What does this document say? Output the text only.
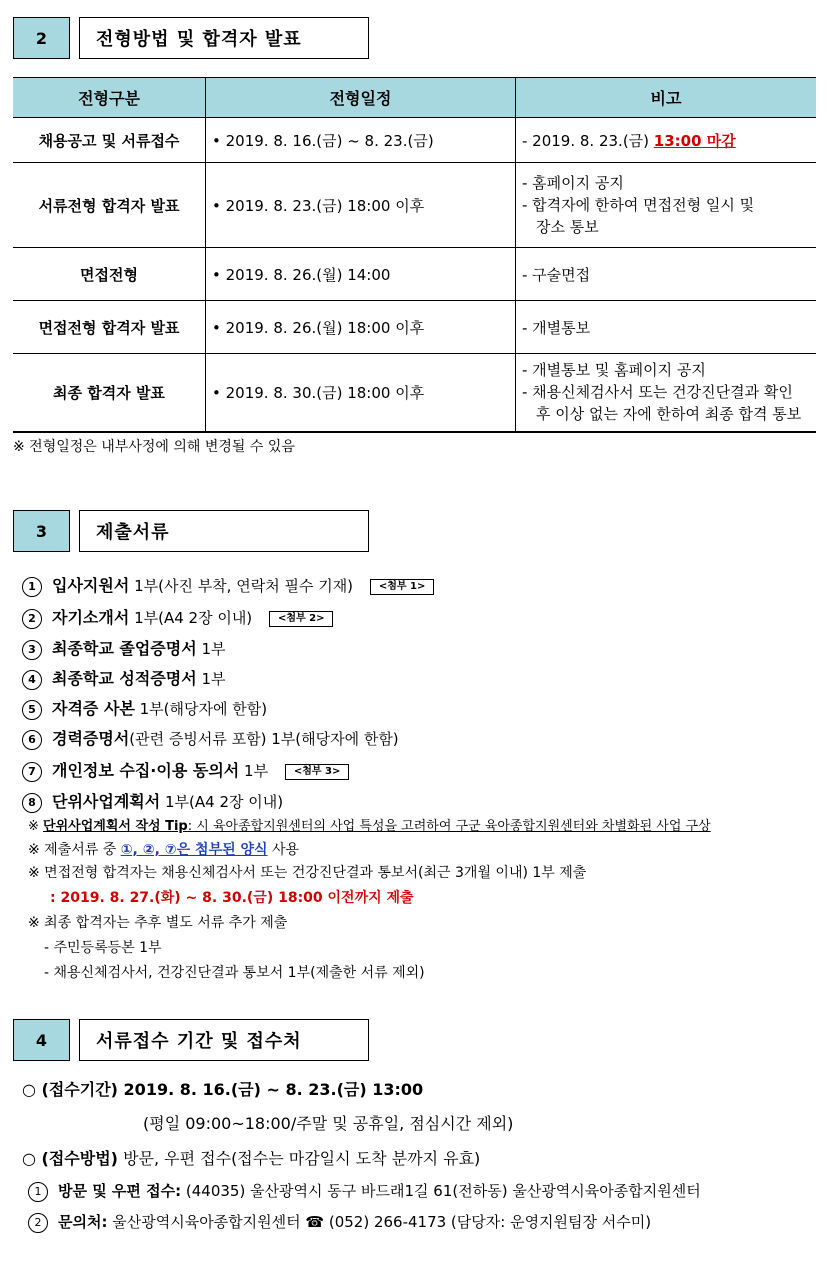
2	전형방법 및 합격자 발표
전형구분	전형일정	비고
채용공고 및 서류접수	• 2019. 8. 16.(금) ~ 8. 23.(금)	- 2019. 8. 23.(금) 13:00 마감
서류전형 합격자 발표	• 2019. 8. 23.(금) 18:00 이후	- 홈페이지 공지
- 합격자에 한하여 면접전형 일시 및
장소 통보

면접전형	• 2019. 8. 26.(월) 14:00	- 구술면접
면접전형 합격자 발표	• 2019. 8. 26.(월) 18:00 이후	- 개별통보
최종 합격자 발표	• 2019. 8. 30.(금) 18:00 이후	- 개별통보 및 홈페이지 공지
- 채용신체검사서 또는 건강진단결과 확인
후 이상 없는 자에 한하여 최종 합격 통보
※ 전형일정은 내부사정에 의해 변경될 수 있음
3	제출서류
1 입사지원서 1부(사진 부착, 연락처 필수 기재)	<첨부 1>
2 자기소개서 1부(A4 2장 이내)	<첨부 2>
3 최종학교 졸업증명서 1부
4 최종학교 성적증명서 1부
5 자격증 사본 1부(해당자에 한함)
6 경력증명서(관련 증빙서류 포함) 1부(해당자에 한함)
7 개인정보 수집·이용 동의서 1부	<첨부 3>
8 단위사업계획서 1부(A4 2장 이내)
※ 단위사업계획서 작성 Tip: 시 육아종합지원센터의 사업 특성을 고려하여 구군 육아종합지원센터와 차별화된 사업 구상
※ 제출서류 중 ①, ②, ⑦은 첨부된 양식 사용
※ 면접전형 합격자는 채용신체검사서 또는 건강진단결과 통보서(최근 3개월 이내) 1부 제출
: 2019. 8. 27.(화) ~ 8. 30.(금) 18:00 이전까지 제출
※ 최종 합격자는 추후 별도 서류 추가 제출
- 주민등록등본 1부
- 채용신체검사서, 건강진단결과 통보서 1부(제출한 서류 제외)
4	서류접수 기간 및 접수처
○ (접수기간) 2019. 8. 16.(금) ~ 8. 23.(금) 13:00
(평일 09:00~18:00/주말 및 공휴일, 점심시간 제외)
○ (접수방법) 방문, 우편 접수(접수는 마감일시 도착 분까지 유효)
1 방문 및 우편 접수: (44035) 울산광역시 동구 바드래1길 61(전하동) 울산광역시육아종합지원센터
2 문의처: 울산광역시육아종합지원센터 ☎ (052) 266-4173 (담당자: 운영지원팀장 서수미)
